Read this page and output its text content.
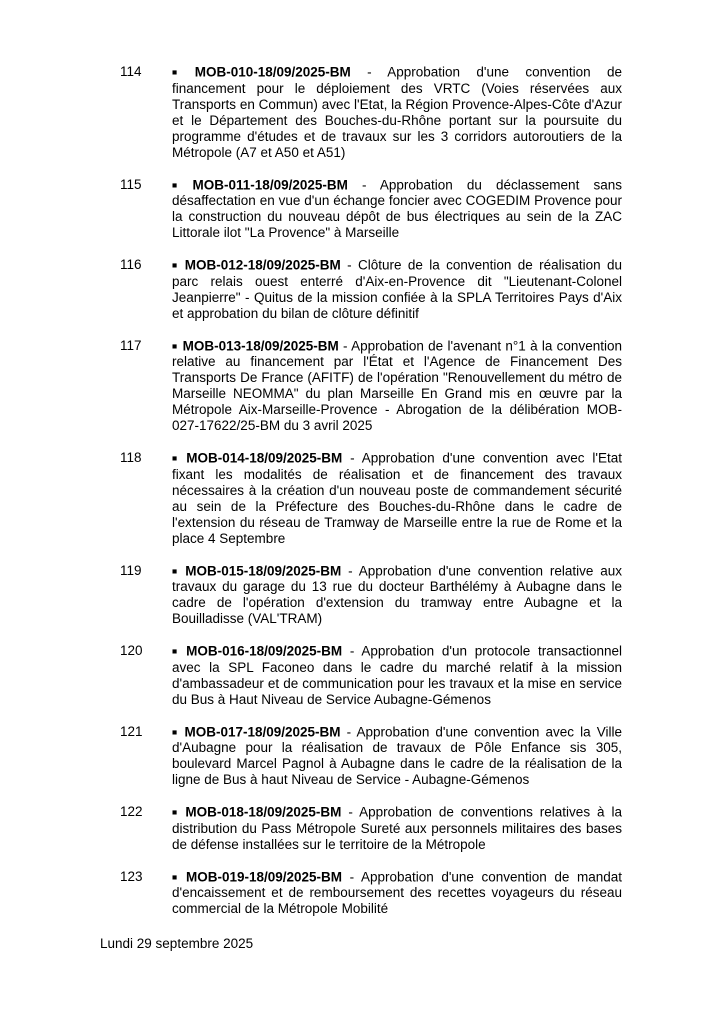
114	■ MOB-010-18/09/2025-BM - Approbation d'une convention de financement pour le déploiement des VRTC (Voies réservées aux Transports en Commun) avec l'Etat, la Région Provence-Alpes-Côte d'Azur et le Département des Bouches-du-Rhône portant sur la poursuite du programme d'études et de travaux sur les 3 corridors autoroutiers de la Métropole (A7 et A50 et A51)

115	■ MOB-011-18/09/2025-BM - Approbation du déclassement sans désaffectation en vue d'un échange foncier avec COGEDIM Provence pour la construction du nouveau dépôt de bus électriques au sein de la ZAC Littorale ilot "La Provence" à Marseille

116	■ MOB-012-18/09/2025-BM - Clôture de la convention de réalisation du parc relais ouest enterré d'Aix-en-Provence dit "Lieutenant-Colonel Jeanpierre" - Quitus de la mission confiée à la SPLA Territoires Pays d'Aix et approbation du bilan de clôture définitif

117	■ MOB-013-18/09/2025-BM - Approbation de l'avenant n°1 à la convention relative au financement par l'État et l'Agence de Financement Des Transports De France (AFITF) de l'opération "Renouvellement du métro de Marseille NEOMMA" du plan Marseille En Grand mis en œuvre par la Métropole Aix-Marseille-Provence - Abrogation de la délibération MOB-027-17622/25-BM du 3 avril 2025

118	■ MOB-014-18/09/2025-BM - Approbation d'une convention avec l'Etat fixant les modalités de réalisation et de financement des travaux nécessaires à la création d'un nouveau poste de commandement sécurité au sein de la Préfecture des Bouches-du-Rhône dans le cadre de l'extension du réseau de Tramway de Marseille entre la rue de Rome et la place 4 Septembre

119	■ MOB-015-18/09/2025-BM - Approbation d'une convention relative aux travaux du garage du 13 rue du docteur Barthélémy à Aubagne dans le cadre de l'opération d'extension du tramway entre Aubagne et la Bouilladisse (VAL'TRAM)

120	■ MOB-016-18/09/2025-BM - Approbation d'un protocole transactionnel avec la SPL Faconeo dans le cadre du marché relatif à la mission d'ambassadeur et de communication pour les travaux et la mise en service du Bus à Haut Niveau de Service Aubagne-Gémenos

121	■ MOB-017-18/09/2025-BM - Approbation d'une convention avec la Ville d'Aubagne pour la réalisation de travaux de Pôle Enfance sis 305, boulevard Marcel Pagnol à Aubagne dans le cadre de la réalisation de la ligne de Bus à haut Niveau de Service - Aubagne-Gémenos

122	■ MOB-018-18/09/2025-BM - Approbation de conventions relatives à la distribution du Pass Métropole Sureté aux personnels militaires des bases de défense installées sur le territoire de la Métropole

123	■ MOB-019-18/09/2025-BM - Approbation d'une convention de mandat d'encaissement et de remboursement des recettes voyageurs du réseau commercial de la Métropole Mobilité

Lundi 29 septembre 2025
